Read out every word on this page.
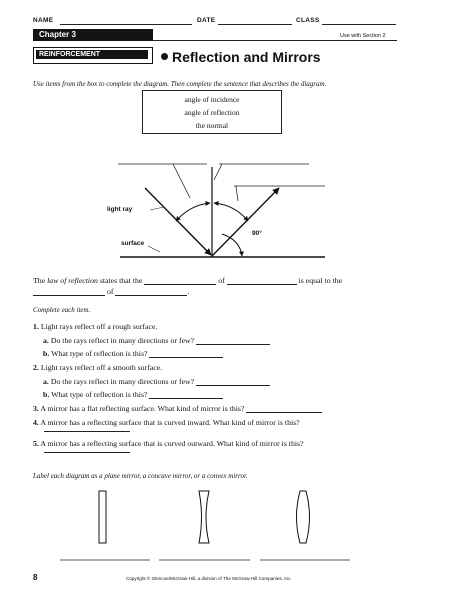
NAME	DATE	CLASS
Chapter 3	Use with Section 2
REINFORCEMENT	Reflection and Mirrors
Use items from the box to complete the diagram. Then complete the sentence that describes the diagram.
angle of incidence
angle of reflection
the normal
light ray
surface
90°
The law of reflection states that the	of	is equal to the
of	.
Complete each item.
1. Light rays reflect off a rough surface.
a. Do the rays reflect in many directions or few?
b. What type of reflection is this?
2. Light rays reflect off a smooth surface.
a. Do the rays reflect in many directions or few?
b. What type of reflection is this?
3. A mirror has a flat reflecting surface. What kind of mirror is this?
4. A mirror has a reflecting surface that is curved inward. What kind of mirror is this?
5. A mirror has a reflecting surface that is curved outward. What kind of mirror is this?
Label each diagram as a plane mirror, a concave mirror, or a convex mirror.
8	Copyright © Glencoe/McGraw-Hill, a division of The McGraw-Hill Companies, Inc.
